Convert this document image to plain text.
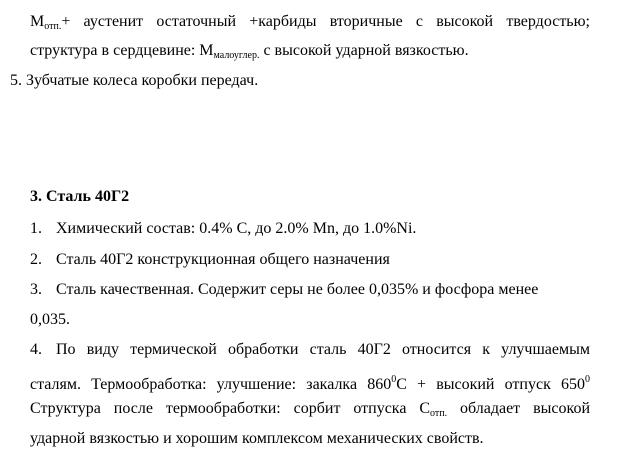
$М_{отп.}+$ аустенит остаточный +карбиды вторичные с высокой твердостью;
структура в сердцевине: $М_{малоуглер.}$ с высокой ударной вязкостью.
5. Зубчатые колеса коробки передач.
3. Сталь 40Г2
1. Химический состав: 0.4% С, до 2.0% Mn, до 1.0%Ni.
2. Сталь 40Г2 конструкционная общего назначения
3. Сталь качественная. Содержит серы не более 0,035% и фосфора менее
0,035.
4. По виду термической обработки сталь 40Г2 относится к улучшаемым
сталям. Термообработка: улучшение: закалка $860^0С$ + высокий отпуск $650^0$
Структура после термообработки: сорбит отпуска $С_{отп.}$ обладает высокой
ударной вязкостью и хорошим комплексом механических свойств.
